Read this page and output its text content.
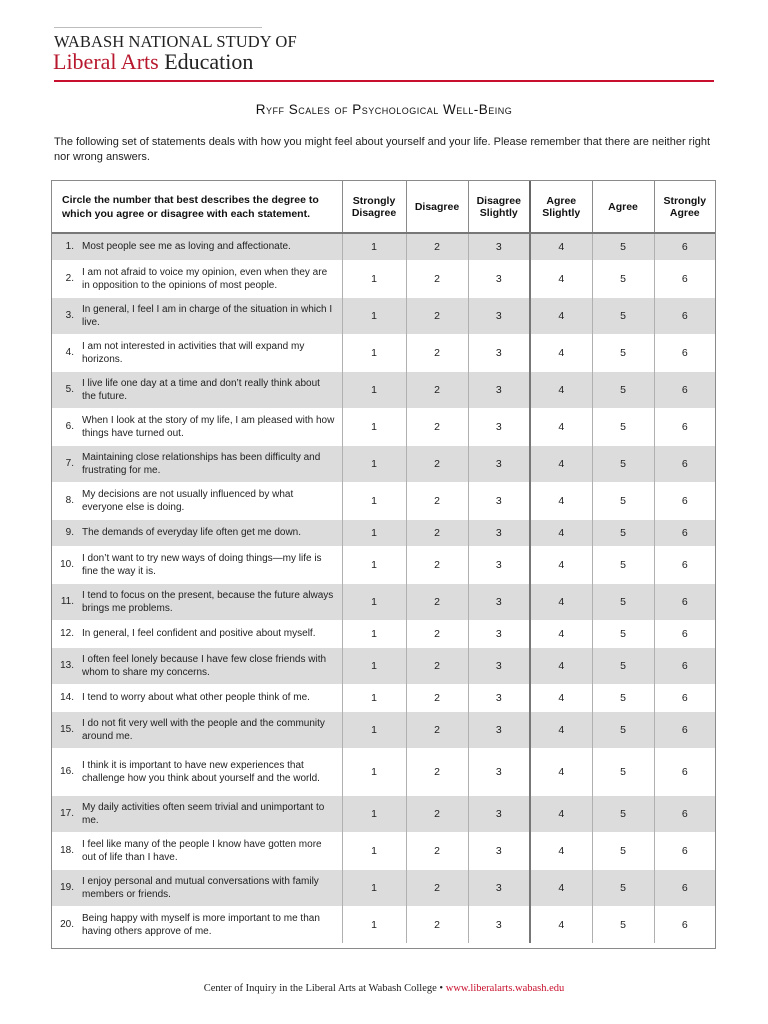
WABASH NATIONAL STUDY OF
Liberal Arts Education
Ryff Scales of Psychological Well-Being
The following set of statements deals with how you might feel about yourself and your life. Please remember that there are neither right nor wrong answers.
Circle the number that best describes the degree to which you agree or disagree with each statement.	Strongly Disagree	Disagree	Disagree Slightly	Agree Slightly	Agree	Strongly Agree

1. Most people see me as loving and affectionate.	1	2	3	4	5	6

2.
I am not afraid to voice my opinion, even when they are in opposition to the opinions of most people.	1	2	3	4	5	6

3.
In general, I feel I am in charge of the situation in which I live.	1	2	3	4	5	6

4.
I am not interested in activities that will expand my horizons.	1	2	3	4	5	6

5.
I live life one day at a time and don’t really think about the future.	1	2	3	4	5	6

6.
When I look at the story of my life, I am pleased with how things have turned out.	1	2	3	4	5	6

7.
Maintaining close relationships has been difficulty and frustrating for me.	1	2	3	4	5	6

8.
My decisions are not usually influenced by what everyone else is doing.	1	2	3	4	5	6

9. The demands of everyday life often get me down.	1	2	3	4	5	6

10.
I don’t want to try new ways of doing things—my life is fine the way it is.	1	2	3	4	5	6

11.
I tend to focus on the present, because the future always brings me problems.	1	2	3	4	5	6

12. In general, I feel confident and positive about myself.	1	2	3	4	5	6

13.
I often feel lonely because I have few close friends with whom to share my concerns.	1	2	3	4	5	6

14. I tend to worry about what other people think of me.	1	2	3	4	5	6

15.
I do not fit very well with the people and the community around me.	1	2	3	4	5	6

16.
I think it is important to have new experiences that challenge how you think about yourself and the world.	1	2	3	4	5	6

17.
My daily activities often seem trivial and unimportant to me.	1	2	3	4	5	6

18.
I feel like many of the people I know have gotten more out of life than I have.	1	2	3	4	5	6

19.
I enjoy personal and mutual conversations with family members or friends.	1	2	3	4	5	6

20.
Being happy with myself is more important to me than having others approve of me.	1	2	3	4	5	6
Center of Inquiry in the Liberal Arts at Wabash College • www.liberalarts.wabash.edu
